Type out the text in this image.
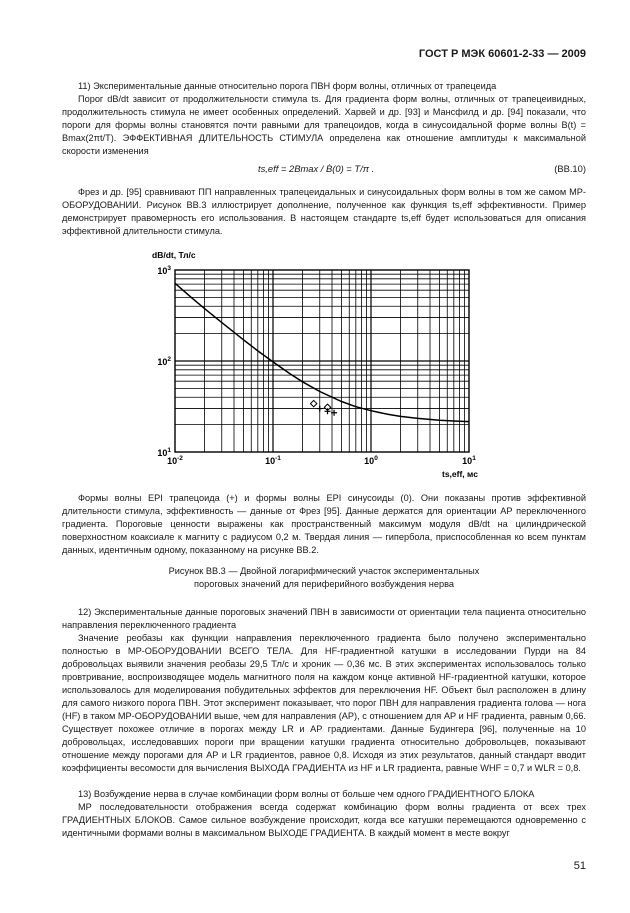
ГОСТ Р МЭК 60601-2-33 — 2009

11) Экспериментальные данные относительно порога ПВН форм волны, отличных от трапецеида

Порог dB/dt зависит от продолжительности стимула ts. Для градиента форм волны, отличных от трапецеивидных, продолжительность стимула не имеет особенных определений. Харвей и др. [93] и Мансфилд и др. [94] показали, что пороги для формы волны становятся почти равными для трапецоидов, когда в синусоидальной форме волны B(t) = Bmax(2πt/T). ЭФФЕКТИВНАЯ ДЛИТЕЛЬНОСТЬ СТИМУЛА определена как отношение амплитуды к максимальной скорости изменения

ts,eff = 2Bmax / Ḃ(0) = T/π .	(ВВ.10)

Фрез и др. [95] сравнивают ПП направленных трапецеидальных и синусоидальных форм волны в том же самом МР-ОБОРУДОВАНИИ. Рисунок ВВ.3 иллюстрирует дополнение, полученное как функция ts,eff эффективности. Пример демонстрирует правомерность его использования. В настоящем стандарте ts,eff будет использоваться для описания эффективной длительности стимула.

$10^{-2}$	$10^{-1}$	$10^0$	$10^1$
$10^1$
$10^2$
$10^3$
dB/dt, Тл/с
ts,eff, мс

Формы волны EPI трапецоида (+) и формы волны EPI синусоиды (0). Они показаны против эффективной длительности стимула, эффективность — данные от Фрез [95]. Данные держатся для ориентации AP переключенного градиента. Пороговые ценности выражены как пространственный максимум модуля dB/dt на цилиндрической поверхностном коаксиале к магниту с радиусом 0,2 м. Твердая линия — гипербола, приспособленная ко всем пунктам данных, идентичным одному, показанному на рисунке ВВ.2.

Рисунок ВВ.3 — Двойной логарифмический участок экспериментальных
пороговых значений для периферийного возбуждения нерва

12) Экспериментальные данные пороговых значений ПВН в зависимости от ориентации тела пациента относительно направления переключенного градиента

Значение реобазы как функции направления переключенного градиента было получено экспериментально полностью в МР-ОБОРУДОВАНИИ ВСЕГО ТЕЛА. Для HF-градиентной катушки в исследовании Пурди на 84 добровольцах выявили значения реобазы 29,5 Тл/с и хроник — 0,36 мс. В этих экспериментах использовалось только провтривание, воспроизводящее модель магнитного поля на каждом конце активной HF-градиентной катушки, которое использовалось для моделирования побудительных эффектов для переключения HF. Объект был расположен в длину для самого низкого порога ПВН. Этот эксперимент показывает, что порог ПВН для направления градиента голова — нога (HF) в таком МР-ОБОРУДОВАНИИ выше, чем для направления (AP), с отношением для AP и HF градиента, равным 0,66. Существует похожее отличие в порогах между LR и AP градиентами. Данные Будингера [96], полученные на 10 добровольцах, исследовавших пороги при вращении катушки градиента относительно добровольцев, показывают отношение между порогами для AP и LR градиентов, равное 0,8. Исходя из этих результатов, данный стандарт вводит коэффициенты весомости для вычисления ВЫХОДА ГРАДИЕНТА из HF и LR градиента, равные WHF = 0,7 и WLR = 0,8.

13) Возбуждение нерва в случае комбинации форм волны от больше чем одного ГРАДИЕНТНОГО БЛОКА

МР последовательности отображения всегда содержат комбинацию форм волны градиента от всех трех ГРАДИЕНТНЫХ БЛОКОВ. Самое сильное возбуждение происходит, когда все катушки перемещаются одновременно с идентичными формами волны в максимальном ВЫХОДЕ ГРАДИЕНТА. В каждый момент в месте вокруг

51
